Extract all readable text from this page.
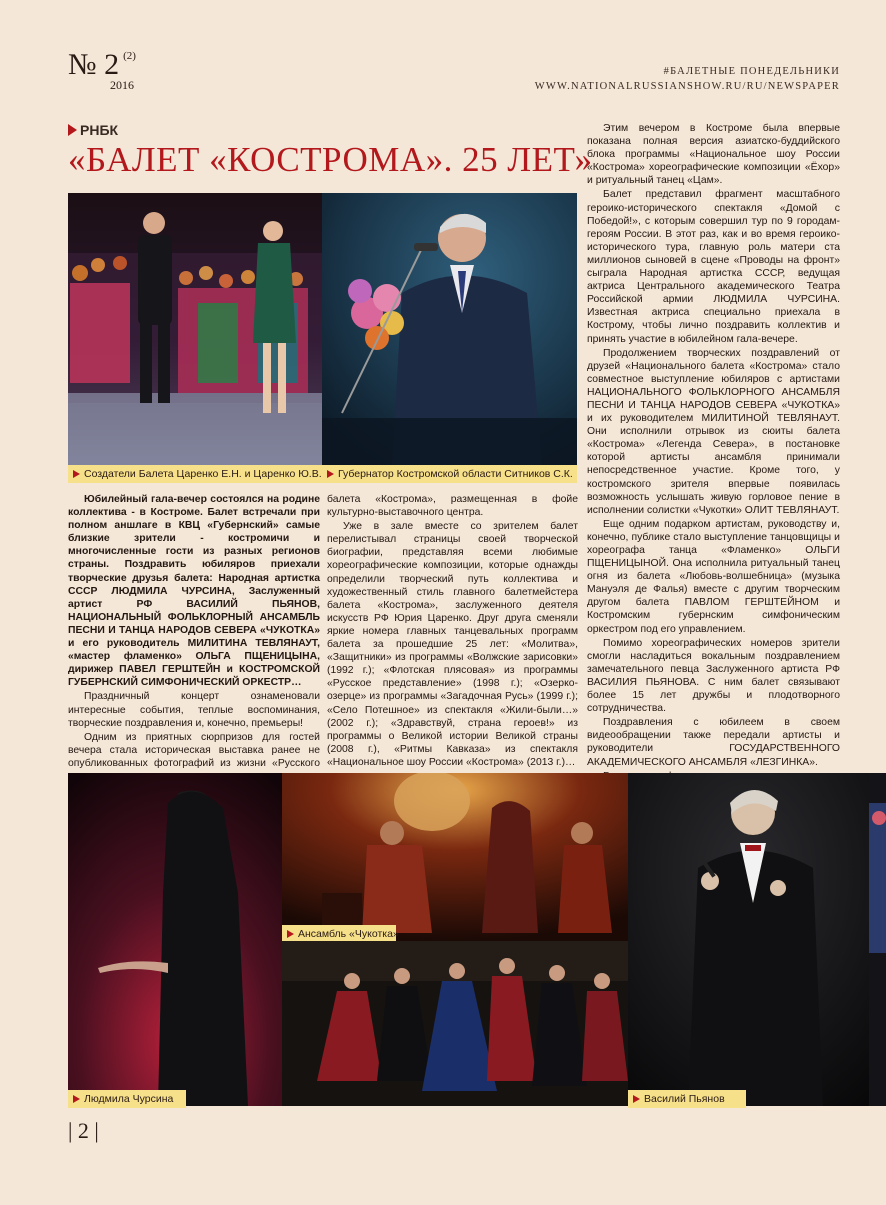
№ 2 $^{(2)}$
2016
#БАЛЕТНЫЕ ПОНЕДЕЛЬНИКИ
WWW.NATIONALRUSSIANSHOW.RU/RU/NEWSPAPER
РНБК
«БАЛЕТ «КОСТРОМА». 25 ЛЕТ»
Создатели Балета Царенко Е.Н. и Царенко Ю.В.	Губернатор Костромской области Ситников С.К.

Юбилейный гала-вечер состоялся на родине коллектива - в Костроме. Балет встречали при полном аншлаге в КВЦ «Губернский» самые близкие зрители - костромичи и многочисленные гости из разных регионов страны. Поздравить юбиляров приехали творческие друзья балета: Народная артистка СССР ЛЮДМИЛА ЧУРСИНА, Заслуженный артист РФ ВАСИЛИЙ ПЬЯНОВ, НАЦИОНАЛЬНЫЙ ФОЛЬКЛОРНЫЙ АНСАМБЛЬ ПЕСНИ И ТАНЦА НАРОДОВ СЕВЕРА «ЧУКОТКА» и его руководитель МИЛИТИНА ТЕВЛЯНАУТ, «мастер фламенко» ОЛЬГА ПЩЕНИЦЫНА, дирижер ПАВЕЛ ГЕРШТЕЙН и КОСТРОМСКОЙ ГУБЕРНСКИЙ СИМФОНИЧЕСКИЙ ОРКЕСТР…

Праздничный концерт ознаменовали интересные события, теплые воспоминания, творческие поздравления и, конечно, премьеры!

Одним из приятных сюрпризов для гостей вечера стала историческая выставка ранее не опубликованных фотографий из жизни «Русского

балета «Кострома», размещенная в фойе культурно-выставочного центра.

Уже в зале вместе со зрителем балет перелистывал страницы своей творческой биографии, представляя всеми любимые хореографические композиции, которые однажды определили творческий путь коллектива и художественный стиль главного балетмейстера балета «Кострома», заслуженного деятеля искусств РФ Юрия Царенко. Друг друга сменяли яркие номера главных танцевальных программ балета за прошедшие 25 лет: «Молитва», «Защитники» из программы «Волжские зарисовки» (1992 г.); «Флотская плясовая» из программы «Русское представление» (1998 г.); «Озерко-озерце» из программы «Загадочная Русь» (1999 г.); «Село Потешное» из спектакля «Жили-были…» (2002 г.); «Здравствуй, страна героев!» из программы о Великой истории Великой страны (2008 г.), «Ритмы Кавказа» из спектакля «Национальное шоу России «Кострома» (2013 г.)…

Этим вечером в Костроме была впервые показана полная версия азиатско-буддийского блока программы «Национальное шоу России «Кострома» хореографические композиции «Ёхор» и ритуальный танец «Цам».

Балет представил фрагмент масштабного героико-исторического спектакля «Домой с Победой!», с которым совершил тур по 9 городам-героям России. В этот раз, как и во время героико-исторического тура, главную роль матери ста миллионов сыновей в сцене «Проводы на фронт» сыграла Народная артистка СССР, ведущая актриса Центрального академического Театра Российской армии ЛЮДМИЛА ЧУРСИНА. Известная актриса специально приехала в Кострому, чтобы лично поздравить коллектив и принять участие в юбилейном гала-вечере.

Продолжением творческих поздравлений от друзей «Национального балета «Кострома» стало совместное выступление юбиляров с артистами НАЦИОНАЛЬНОГО ФОЛЬКЛОРНОГО АНСАМБЛЯ ПЕСНИ И ТАНЦА НАРОДОВ СЕВЕРА «ЧУКОТКА» и их руководителем МИЛИТИНОЙ ТЕВЛЯНАУТ. Они исполнили отрывок из сюиты балета «Кострома» «Легенда Севера», в постановке которой артисты ансамбля принимали непосредственное участие. Кроме того, у костромского зрителя впервые появилась возможность услышать живую горловое пение в исполнении солистки «Чукотки» ОЛИТ ТЕВЛЯНАУТ.

Еще одним подарком артистам, руководству и, конечно, публике стало выступление танцовщицы и хореографа танца «Фламенко» ОЛЬГИ ПЩЕНИЦЫНОЙ. Она исполнила ритуальный танец огня из балета «Любовь-волшебница» (музыка Мануэля де Фалья) вместе с другим творческим другом балета ПАВЛОМ ГЕРШТЕЙНОМ и Костромским губернским симфоническим оркестром под его управлением.

Помимо хореографических номеров зрители смогли насладиться вокальным поздравлением замечательного певца Заслуженного артиста РФ ВАСИЛИЯ ПЬЯНОВА. С ним балет связывают более 15 лет дружбы и плодотворного сотрудничества.

Поздравления с юбилеем в своем видеообращении также передали артисты и руководители ГОСУДАРСТВЕННОГО АКАДЕМИЧЕСКОГО АНСАМБЛЯ «ЛЕЗГИНКА».

Людмила Чурсина
Ансамбль «Чукотка»
Василий Пьянов
| 2 |
